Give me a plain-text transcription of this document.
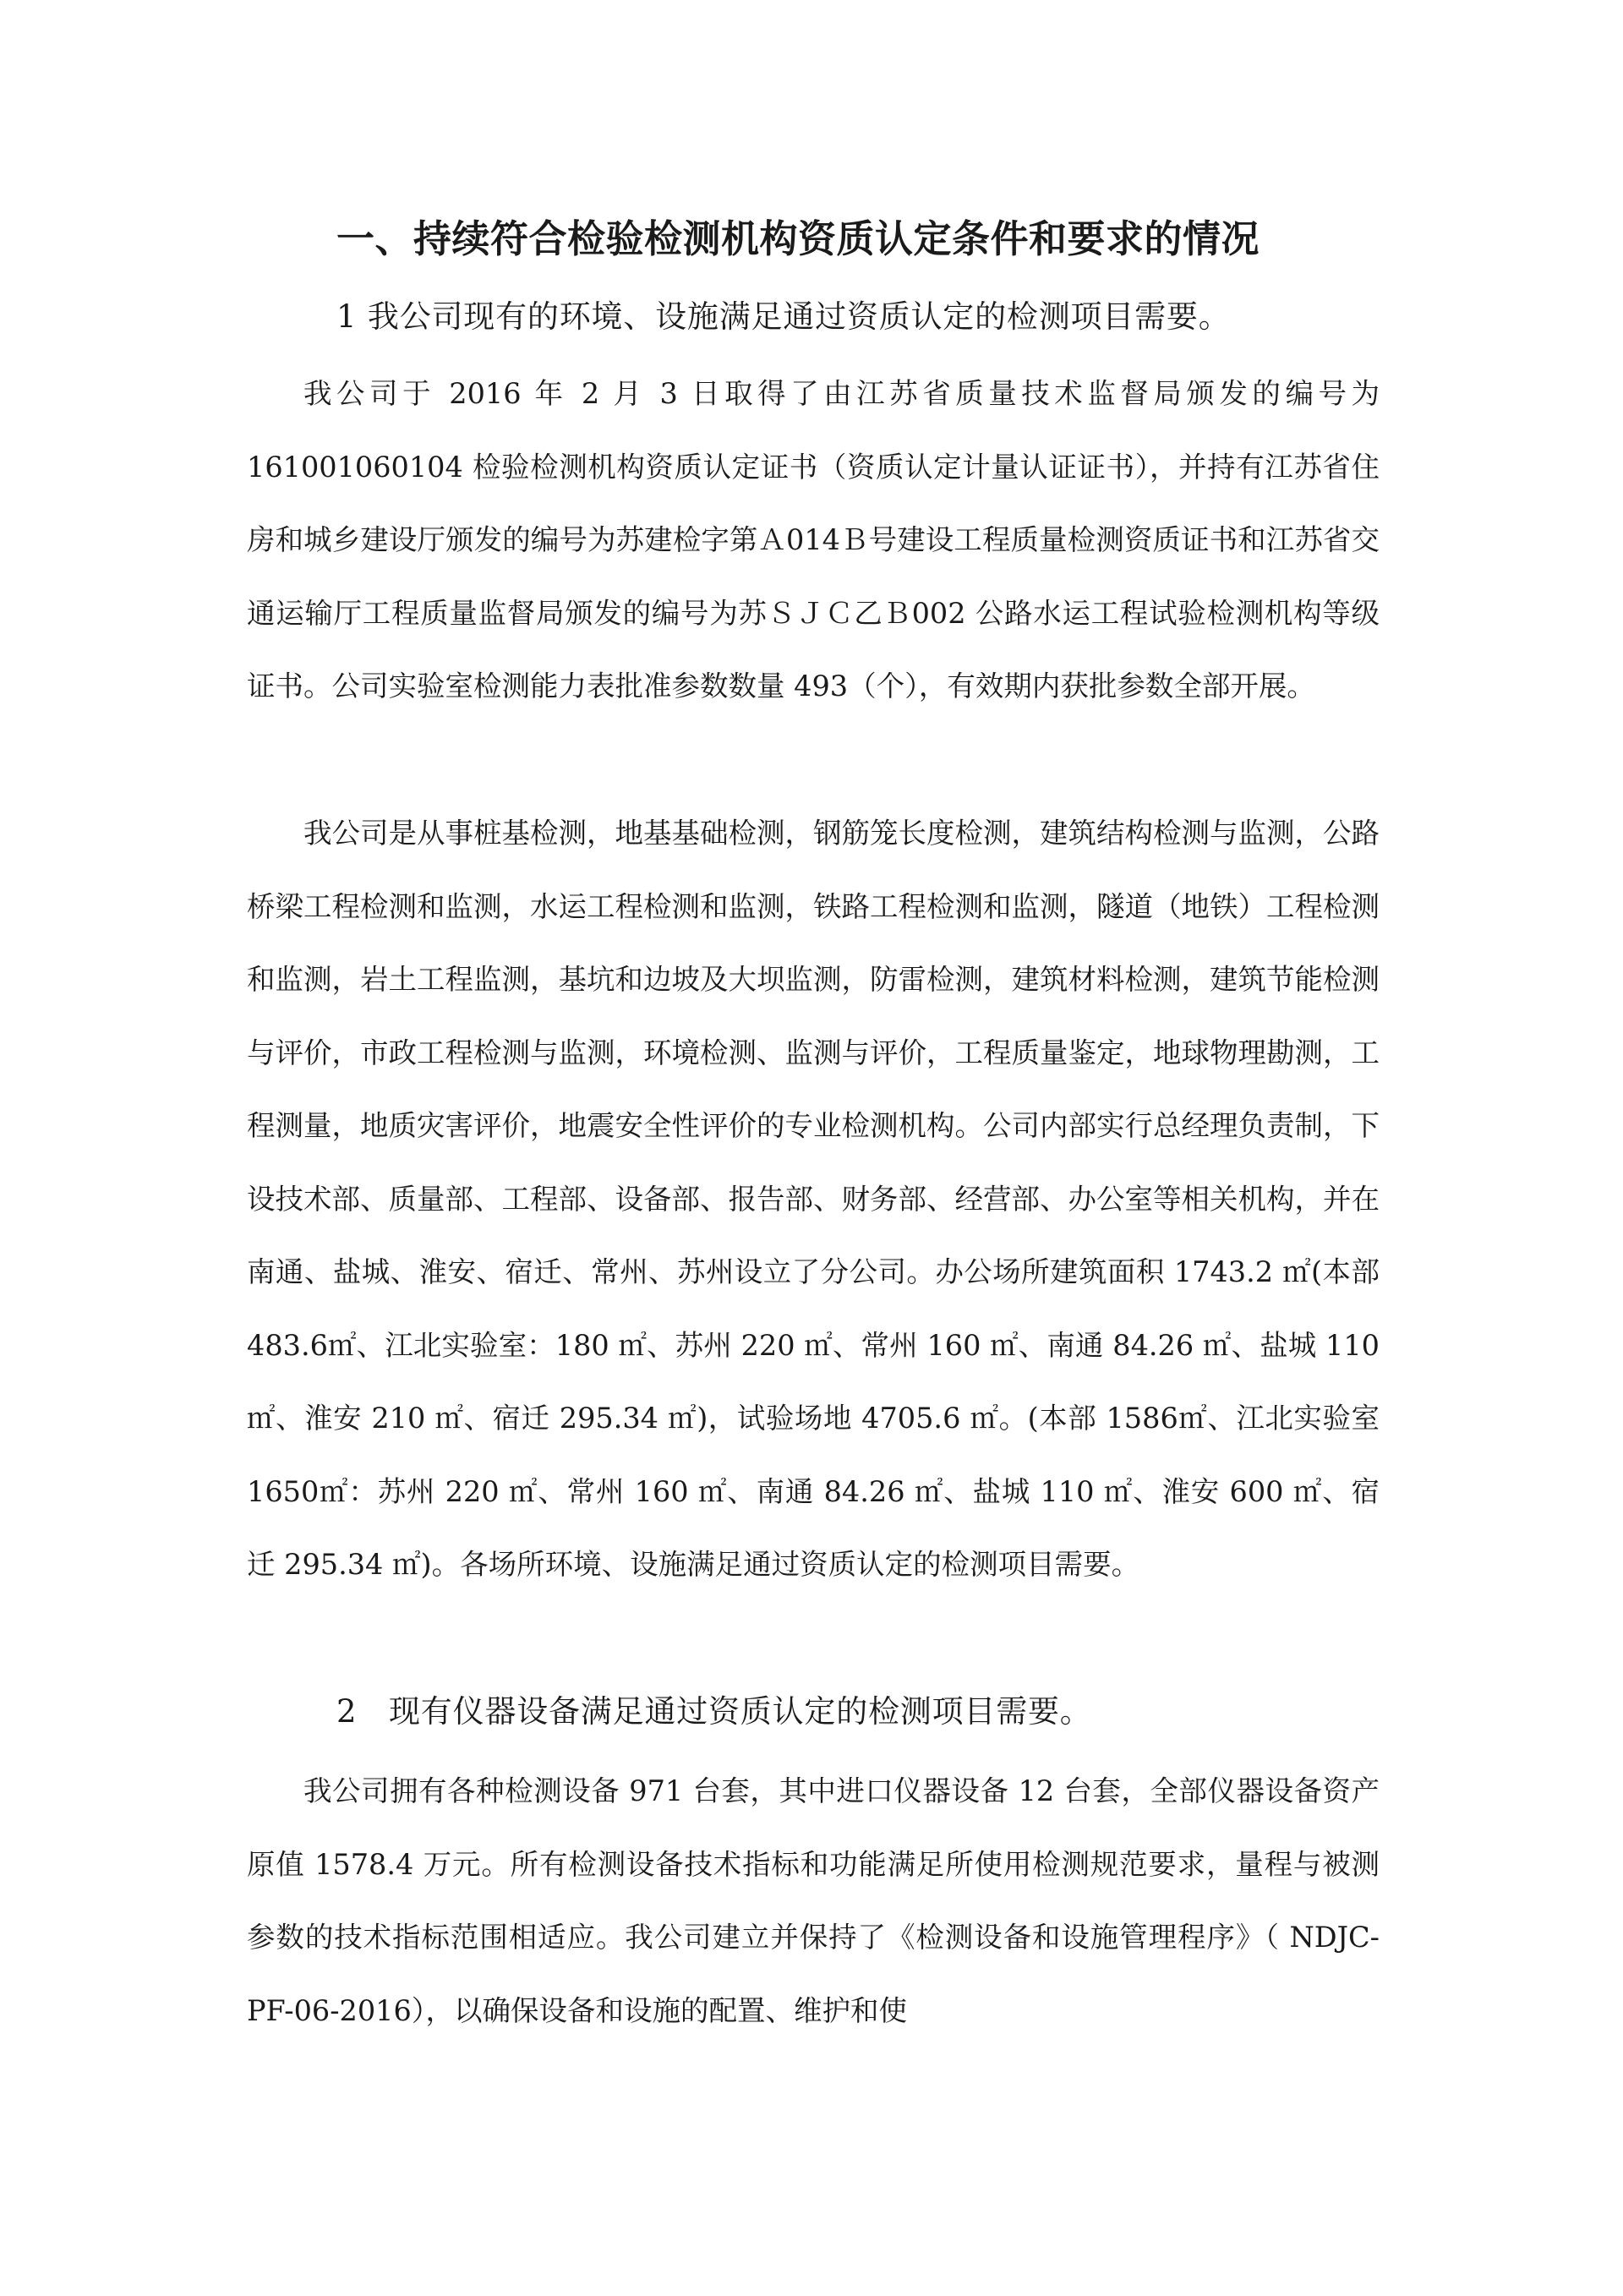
一、持续符合检验检测机构资质认定条件和要求的情况
1 我公司现有的环境、设施满足通过资质认定的检测项目需要。

我公司于 2016 年 2 月 3 日取得了由江苏省质量技术监督局颁发的编号为 161001060104 检验检测机构资质认定证书（资质认定计量认证证书），并持有江苏省住房和城乡建设厅颁发的编号为苏建检字第Ａ014Ｂ号建设工程质量检测资质证书和江苏省交通运输厅工程质量监督局颁发的编号为苏ＳＪＣ乙Ｂ002 公路水运工程试验检测机构等级证书。公司实验室检测能力表批准参数数量 493（个），有效期内获批参数全部开展。

我公司是从事桩基检测，地基基础检测，钢筋笼长度检测，建筑结构检测与监测，公路桥梁工程检测和监测，水运工程检测和监测，铁路工程检测和监测，隧道（地铁）工程检测和监测，岩土工程监测，基坑和边坡及大坝监测，防雷检测，建筑材料检测，建筑节能检测与评价，市政工程检测与监测，环境检测、监测与评价，工程质量鉴定，地球物理勘测，工程测量，地质灾害评价，地震安全性评价的专业检测机构。公司内部实行总经理负责制，下设技术部、质量部、工程部、设备部、报告部、财务部、经营部、办公室等相关机构，并在南通、盐城、淮安、宿迁、常州、苏州设立了分公司。办公场所建筑面积 1743.2 ㎡(本部 483.6㎡、江北实验室：180 ㎡、苏州 220 ㎡、常州 160 ㎡、南通 84.26 ㎡、盐城 110 ㎡、淮安 210 ㎡、宿迁 295.34 ㎡)，试验场地 4705.6 ㎡。(本部 1586㎡、江北实验室 1650㎡：苏州 220 ㎡、常州 160 ㎡、南通 84.26 ㎡、盐城 110 ㎡、淮安 600 ㎡、宿迁 295.34 ㎡)。各场所环境、设施满足通过资质认定的检测项目需要。

2 现有仪器设备满足通过资质认定的检测项目需要。

我公司拥有各种检测设备 971 台套，其中进口仪器设备 12 台套，全部仪器设备资产原值 1578.4 万元。所有检测设备技术指标和功能满足所使用检测规范要求，量程与被测参数的技术指标范围相适应。我公司建立并保持了《检测设备和设施管理程序》（ NDJC-PF-06-2016），以确保设备和设施的配置、维护和使
